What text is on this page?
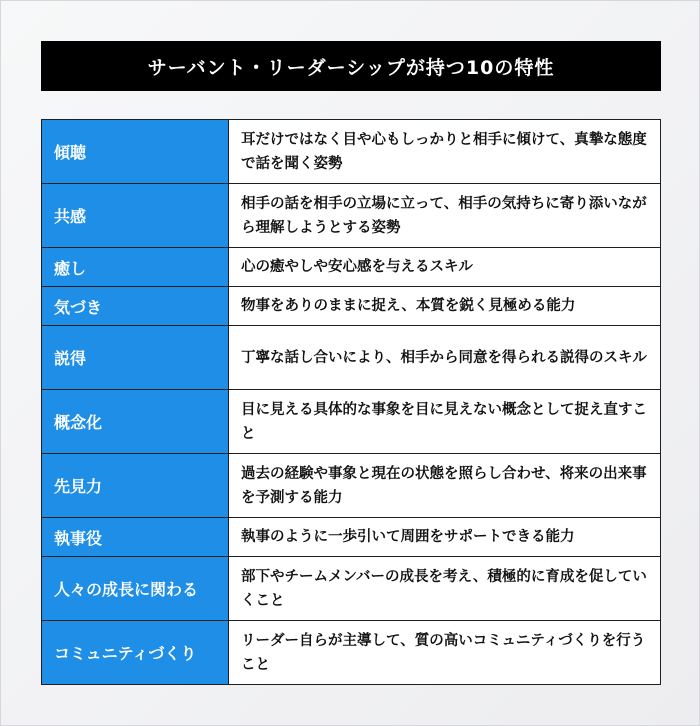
サーバント・リーダーシップが持つ10の特性
傾聴	耳だけではなく目や心もしっかりと相手に傾けて、真摯な態度で話を聞く姿勢
共感	相手の話を相手の立場に立って、相手の気持ちに寄り添いながら理解しようとする姿勢
癒し	心の癒やしや安心感を与えるスキル
気づき	物事をありのままに捉え、本質を鋭く見極める能力
説得	丁寧な話し合いにより、相手から同意を得られる説得のスキル
概念化	目に見える具体的な事象を目に見えない概念として捉え直すこと
先見力	過去の経験や事象と現在の状態を照らし合わせ、将来の出来事を予測する能力
執事役	執事のように一歩引いて周囲をサポートできる能力
人々の成長に関わる	部下やチームメンバーの成長を考え、積極的に育成を促していくこと
コミュニティづくり	リーダー自らが主導して、質の高いコミュニティづくりを行うこと
